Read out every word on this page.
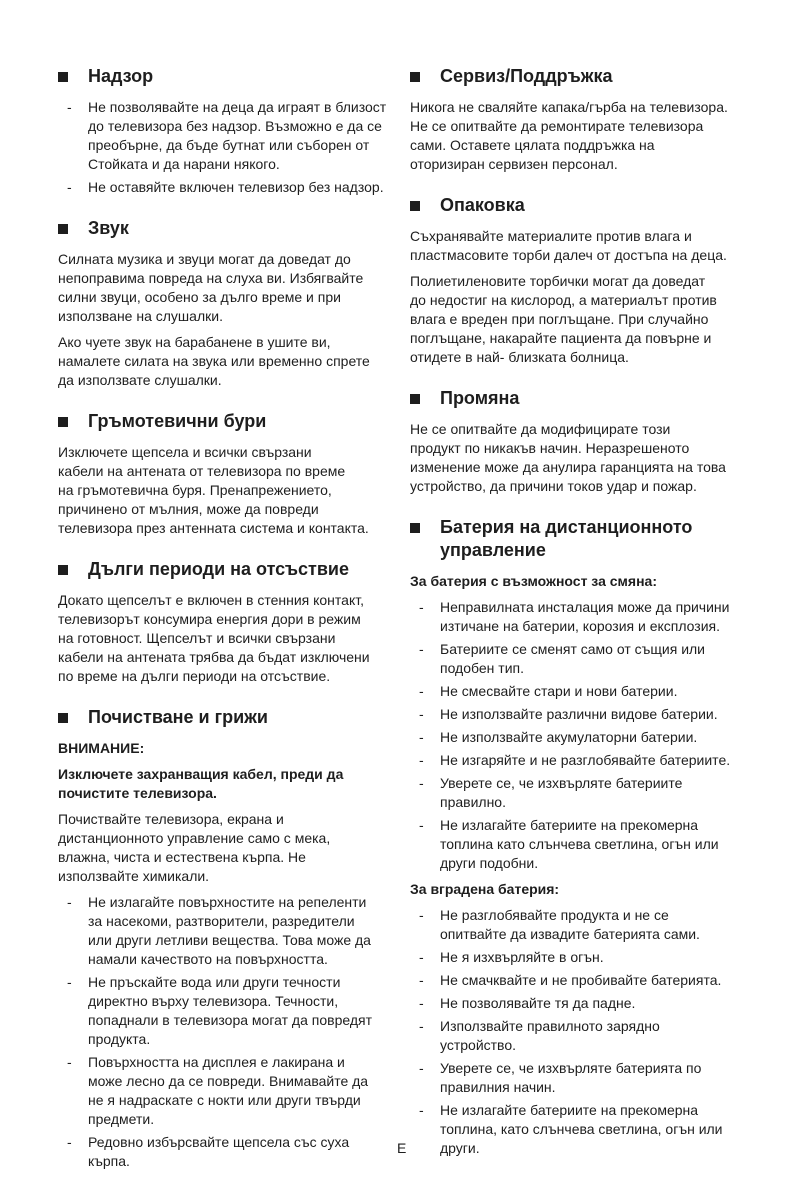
Надзор
- Не позволявайте на деца да играят в близост
до телевизора без надзор. Възможно е да се
преобърне, да бъде бутнат или съборен от
Стойката и да нарани някого.
- Не оставяйте включен телевизор без надзор.
Звук
Силната музика и звуци могат да доведат до
непоправима повреда на слуха ви. Избягвайте
силни звуци, особено за дълго време и при
използване на слушалки.
Ако чуете звук на барабанене в ушите ви,
намалете силата на звука или временно спрете
да използвате слушалки.
Гръмотевични бури
Изключете щепсела и всички свързани
кабели на антената от телевизора по време
на гръмотевична буря. Пренапрежението,
причинено от мълния, може да повреди
телевизора през антенната система и контакта.
Дълги периоди на отсъствие
Докато щепселът е включен в стенния контакт,
телевизорът консумира енергия дори в режим
на готовност. Щепселът и всички свързани
кабели на антената трябва да бъдат изключени
по време на дълги периоди на отсъствие.
Почистване и грижи
ВНИМАНИЕ:
Изключете захранващия кабел, преди да
почистите телевизора.
Почиствайте телевизора, екрана и
дистанционното управление само с мека,
влажна, чиста и естествена кърпа. Не
използвайте химикали.
- Не излагайте повърхностите на репеленти
за насекоми, разтворители, разредители
или други летливи вещества. Това може да
намали качеството на повърхността.
- Не пръскайте вода или други течности
директно върху телевизора. Течности,
попаднали в телевизора могат да повредят
продукта.
- Повърхността на дисплея е лакирана и
може лесно да се повреди. Внимавайте да
не я надраскате с нокти или други твърди
предмети.
- Редовно избърсвайте щепсела със суха
кърпа.
Сервиз/Поддръжка
Никога не сваляйте капака/гърба на телевизора.
Не се опитвайте да ремонтирате телевизора
сами. Оставете цялата поддръжка на
оторизиран сервизен персонал.
Опаковка
Съхранявайте материалите против влага и
пластмасовите торби далеч от достъпа на деца.
Полиетиленовите торбички могат да доведат
до недостиг на кислород, а материалът против
влага е вреден при поглъщане. При случайно
поглъщане, накарайте пациента да повърне и
отидете в най- близката болница.
Промяна
Не се опитвайте да модифицирате този
продукт по никакъв начин. Неразрешеното
изменение може да анулира гаранцията на това
устройство, да причини токов удар и пожар.
Батерия на дистанционното
управление
За батерия с възможност за смяна:
- Неправилната инсталация може да причини
изтичане на батерии, корозия и експлозия.
- Батериите се сменят само от същия или
подобен тип.
- Не смесвайте стари и нови батерии.
- Не използвайте различни видове батерии.
- Не използвайте акумулаторни батерии.
- Не изгаряйте и не разглобявайте батериите.
- Уверете се, че изхвърляте батериите
правилно.
- Не излагайте батериите на прекомерна
топлина като слънчева светлина, огън или
други подобни.
За вградена батерия:
- Не разглобявайте продукта и не се
опитвайте да извадите батерията сами.
- Не я изхвърляйте в огън.
- Не смачквайте и не пробивайте батерията.
- Не позволявайте тя да падне.
- Използвайте правилното зарядно
устройство.
- Уверете се, че изхвърляте батерията по
правилния начин.
- Не излагайте батериите на прекомерна
топлина, като слънчева светлина, огън или
други.
E
